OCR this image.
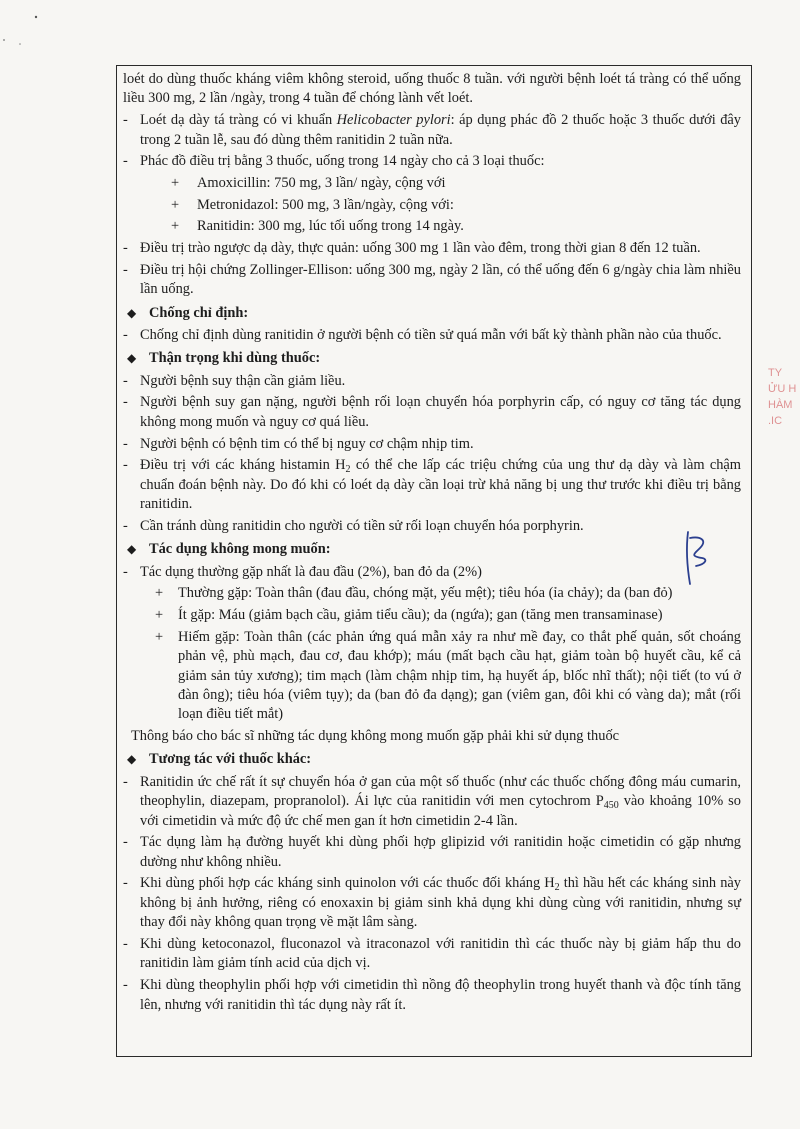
loét do dùng thuốc kháng viêm không steroid, uống thuốc 8 tuần. với người bệnh loét tá tràng có thể uống liều 300 mg, 2 lần /ngày, trong 4 tuần để chóng lành vết loét.

- Loét dạ dày tá tràng có vi khuẩn Helicobacter pylori: áp dụng phác đồ 2 thuốc hoặc 3 thuốc dưới đây trong 2 tuần lễ, sau đó dùng thêm ranitidin 2 tuần nữa.
- Phác đồ điều trị bằng 3 thuốc, uống trong 14 ngày cho cả 3 loại thuốc:
+	Amoxicillin: 750 mg, 3 lần/ ngày, cộng với
+	Metronidazol: 500 mg, 3 lần/ngày, cộng với:
+	Ranitidin: 300 mg, lúc tối uống trong 14 ngày.
- Điều trị trào ngược dạ dày, thực quản: uống 300 mg 1 lần vào đêm, trong thời gian 8 đến 12 tuần.
- Điều trị hội chứng Zollinger-Ellison: uống 300 mg, ngày 2 lần, có thể uống đến 6 g/ngày chia làm nhiều lần uống.
◆ Chống chỉ định:
- Chống chỉ định dùng ranitidin ở người bệnh có tiền sử quá mẫn với bất kỳ thành phần nào của thuốc.
◆ Thận trọng khi dùng thuốc:
- Người bệnh suy thận cần giảm liều.
- Người bệnh suy gan nặng, người bệnh rối loạn chuyển hóa porphyrin cấp, có nguy cơ tăng tác dụng không mong muốn và nguy cơ quá liều.
- Người bệnh có bệnh tim có thể bị nguy cơ chậm nhịp tim.
- Điều trị với các kháng histamin $H_2$ có thể che lấp các triệu chứng của ung thư dạ dày và làm chậm chuẩn đoán bệnh này. Do đó khi có loét dạ dày cần loại trừ khả năng bị ung thư trước khi điều trị bằng ranitidin.
- Cần tránh dùng ranitidin cho người có tiền sử rối loạn chuyển hóa porphyrin.
◆ Tác dụng không mong muốn:
- Tác dụng thường gặp nhất là đau đầu (2%), ban đỏ da (2%)
+	Thường gặp: Toàn thân (đau đầu, chóng mặt, yếu mệt); tiêu hóa (ỉa chảy); da (ban đỏ)
+	Ít gặp: Máu (giảm bạch cầu, giảm tiểu cầu); da (ngứa); gan (tăng men transaminase)
+	Hiếm gặp: Toàn thân (các phản ứng quá mẫn xảy ra như mề đay, co thắt phế quản, sốt choáng phản vệ, phù mạch, đau cơ, đau khớp); máu (mất bạch cầu hạt, giảm toàn bộ huyết cầu, kể cả giảm sản tủy xương); tim mạch (làm chậm nhịp tim, hạ huyết áp, blốc nhĩ thất); nội tiết (to vú ở đàn ông); tiêu hóa (viêm tụy); da (ban đỏ đa dạng); gan (viêm gan, đôi khi có vàng da); mắt (rối loạn điều tiết mắt)

Thông báo cho bác sĩ những tác dụng không mong muốn gặp phải khi sử dụng thuốc

◆ Tương tác với thuốc khác:
- Ranitidin ức chế rất ít sự chuyển hóa ở gan của một số thuốc (như các thuốc chống đông máu cumarin, theophylin, diazepam, propranolol). Ái lực của ranitidin với men cytochrom $P_{450}$ vào khoảng 10% so với cimetidin và mức độ ức chế men gan ít hơn cimetidin 2-4 lần.
- Tác dụng làm hạ đường huyết khi dùng phối hợp glipizid với ranitidin hoặc cimetidin có gặp nhưng dường như không nhiều.
- Khi dùng phối hợp các kháng sinh quinolon với các thuốc đối kháng $H_2$ thì hầu hết các kháng sinh này không bị ảnh hưởng, riêng có enoxaxin bị giảm sinh khả dụng khi dùng cùng với ranitidin, nhưng sự thay đổi này không quan trọng về mặt lâm sàng.
- Khi dùng ketoconazol, fluconazol và itraconazol với ranitidin thì các thuốc này bị giảm hấp thu do ranitidin làm giảm tính acid của dịch vị.
- Khi dùng theophylin phối hợp với cimetidin thì nồng độ theophylin trong huyết thanh và độc tính tăng lên, nhưng với ranitidin thì tác dụng này rất ít.
ΤΥ
ỬU H
HÀM
.IC
